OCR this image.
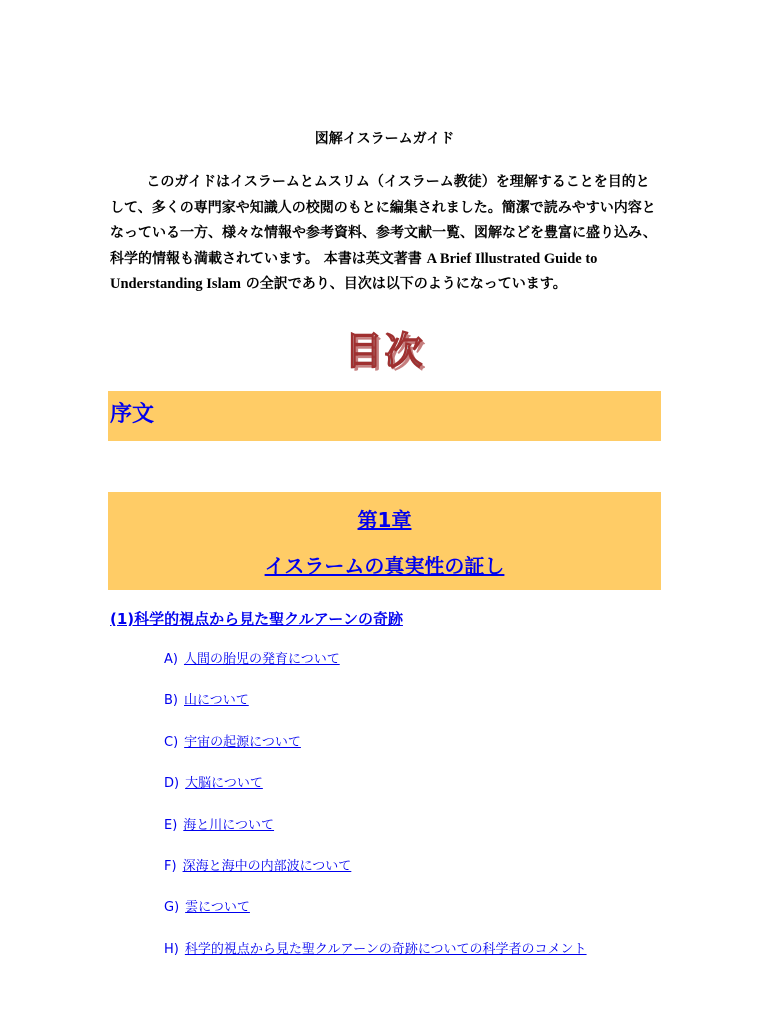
図解イスラームガイド

このガイドはイスラームとムスリム（イスラーム教徒）を理解することを目的として、多くの専門家や知識人の校閲のもとに編集されました。簡潔で読みやすい内容となっている一方、様々な情報や参考資料、参考文献一覧、図解などを豊富に盛り込み、科学的情報も満載されています。 本書は英文著書 A Brief Illustrated Guide to Understanding Islam の全訳であり、目次は以下のようになっています。

目次
序文
第1章
イスラームの真実性の証し
(1)科学的視点から見た聖クルアーンの奇跡
A) 人間の胎児の発育について
B) 山について
C) 宇宙の起源について
D) 大脳について
E) 海と川について
F) 深海と海中の内部波について
G) 雲について
H) 科学的視点から見た聖クルアーンの奇跡についての科学者のコメント
